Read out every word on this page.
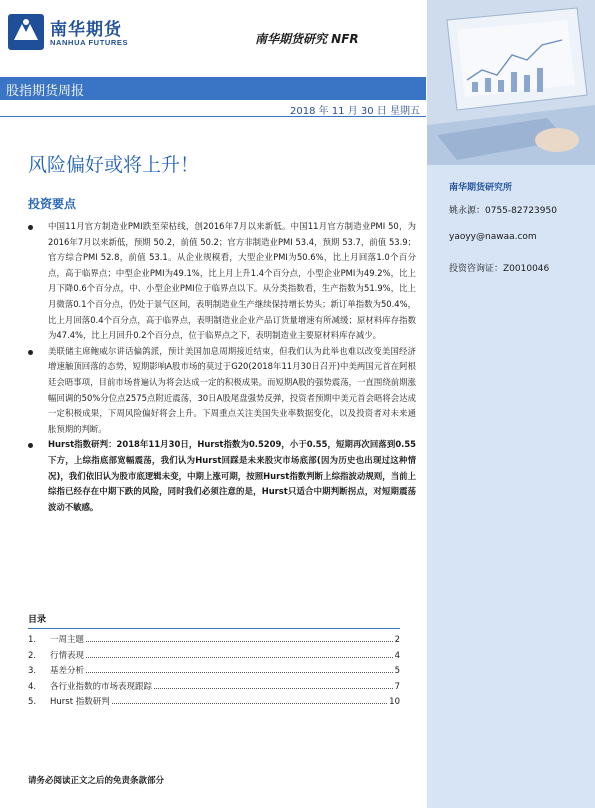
南华期货
NANHUA FUTURES	南华期货研究 NFR
股指期货周报
2018 年 11 月 30 日 星期五
南华期货研究所
姚永源：0755-82723950
yaoyy@nawaa.com
投资咨询证：Z0010046
风险偏好或将上升！
投资要点
中国11月官方制造业PMI跌至荣枯线，创2016年7月以来新低。中国11月官方制造业PMI 50，为2016年7月以来新低，预期 50.2，前值 50.2；官方非制造业PMI 53.4，预期 53.7，前值 53.9；官方综合PMI 52.8，前值 53.1。从企业规模看，大型企业PMI为50.6%，比上月回落1.0个百分点，高于临界点；中型企业PMI为49.1%，比上月上升1.4个百分点，小型企业PMI为49.2%，比上月下降0.6个百分点，中、小型企业PMI位于临界点以下。从分类指数看，生产指数为51.9%，比上月微落0.1个百分点，仍处于景气区间，表明制造业生产继续保持增长势头；新订单指数为50.4%，比上月回落0.4个百分点，高于临界点，表明制造业企业产品订货量增速有所减缓；原材料库存指数为47.4%，比上月回升0.2个百分点，位于临界点之下，表明制造业主要原材料库存减少。
美联储主席鲍威尔讲话偏鸽派，预计美国加息周期接近结束，但我们认为此举也难以改变美国经济增速触顶回落的态势，短期影响A股市场的莫过于G20(2018年11月30日召开)中美两国元首在阿根廷会晤事项，目前市场普遍认为将会达成一定的积极成果。而短期A股的强势震荡，一直围绕前期涨幅回调的50%分位点2575点附近震荡，30日A股尾盘强势反弹，投资者预期中美元首会晤将会达成一定积极成果，下周风险偏好将会上升。下周重点关注美国失业率数据变化，以及投资者对未来通胀预期的判断。
Hurst指数研判：2018年11月30日，Hurst指数为0.5209，小于0.55，短期再次回落到0.55下方，上综指底部宽幅震荡，我们认为Hurst回踩是未来股灾市场底部(因为历史也出现过这种情况)，我们依旧认为股市底逻辑未变，中期上涨可期，按照Hurst指数判断上综指波动规则，当前上综指已经存在中期下跌的风险，同时我们必须注意的是，Hurst只适合中期判断拐点，对短期震荡波动不敏感。
目录
1.	一周主题	2
2.	行情表现	4
3.	基差分析	5
4.	各行业指数的市场表现跟踪	7
5.	Hurst 指数研判	10
请务必阅读正文之后的免责条款部分
